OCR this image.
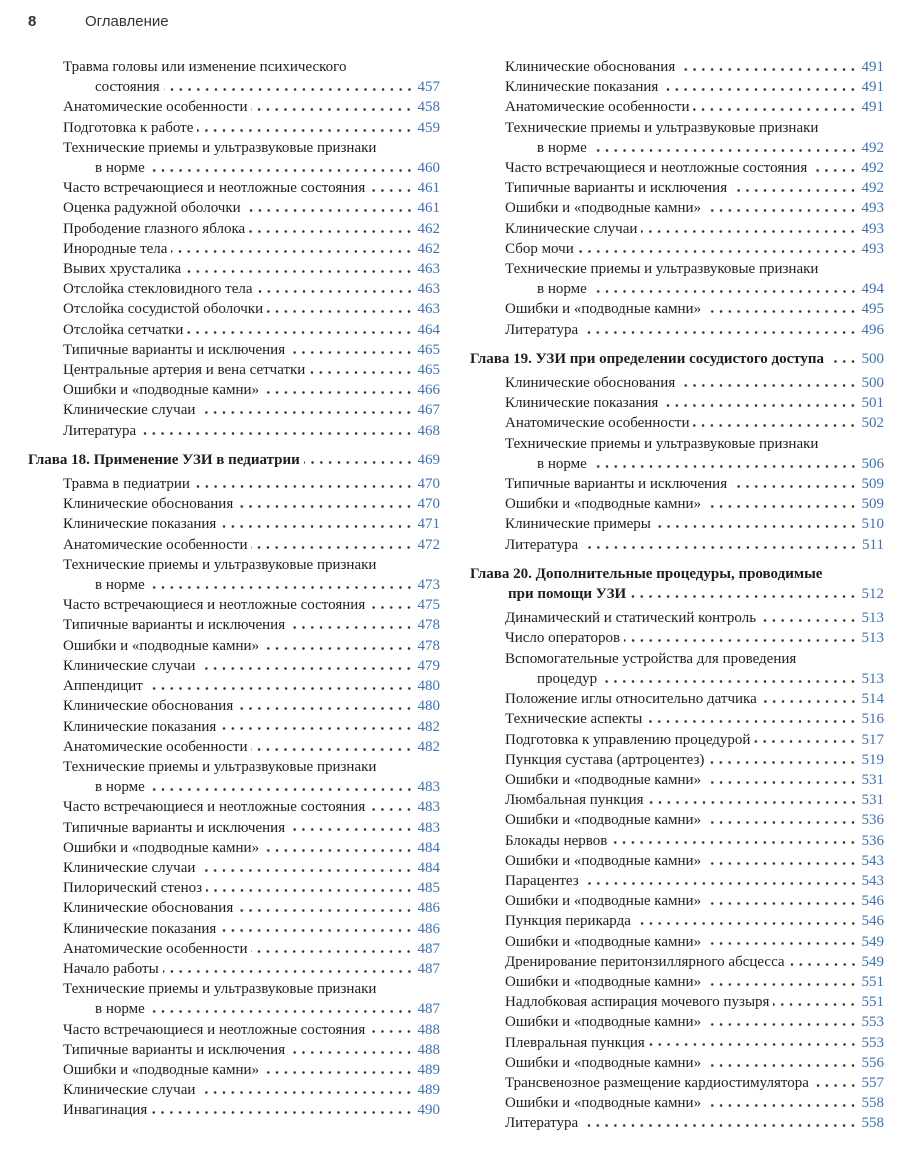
8	Оглавление
Травма головы или изменение психического
состояния	457
Анатомические особенности	458
Подготовка к работе	459
Технические приемы и ультразвуковые признаки
в норме	460
Часто встречающиеся и неотложные состояния	461
Оценка радужной оболочки	461
Прободение глазного яблока	462
Инородные тела	462
Вывих хрусталика	463
Отслойка стекловидного тела	463
Отслойка сосудистой оболочки	463
Отслойка сетчатки	464
Типичные варианты и исключения	465
Центральные артерия и вена сетчатки	465
Ошибки и «подводные камни»	466
Клинические случаи	467
Литература	468
Глава 18. Применение УЗИ в педиатрии	469
Травма в педиатрии	470
Клинические обоснования	470
Клинические показания	471
Анатомические особенности	472
Технические приемы и ультразвуковые признаки
в норме	473
Часто встречающиеся и неотложные состояния	475
Типичные варианты и исключения	478
Ошибки и «подводные камни»	478
Клинические случаи	479
Аппендицит	480
Клинические обоснования	480
Клинические показания	482
Анатомические особенности	482
Технические приемы и ультразвуковые признаки
в норме	483
Часто встречающиеся и неотложные состояния	483
Типичные варианты и исключения	483
Ошибки и «подводные камни»	484
Клинические случаи	484
Пилорический стеноз	485
Клинические обоснования	486
Клинические показания	486
Анатомические особенности	487
Начало работы	487
Технические приемы и ультразвуковые признаки
в норме	487
Часто встречающиеся и неотложные состояния	488
Типичные варианты и исключения	488
Ошибки и «подводные камни»	489
Клинические случаи	489
Инвагинация	490
Клинические обоснования	491
Клинические показания	491
Анатомические особенности	491
Технические приемы и ультразвуковые признаки
в норме	492
Часто встречающиеся и неотложные состояния	492
Типичные варианты и исключения	492
Ошибки и «подводные камни»	493
Клинические случаи	493
Сбор мочи	493
Технические приемы и ультразвуковые признаки
в норме	494
Ошибки и «подводные камни»	495
Литература	496
Глава 19. УЗИ при определении сосудистого доступа 500
Клинические обоснования	500
Клинические показания	501
Анатомические особенности	502
Технические приемы и ультразвуковые признаки
в норме	506
Типичные варианты и исключения	509
Ошибки и «подводные камни»	509
Клинические примеры	510
Литература	511
Глава 20. Дополнительные процедуры, проводимые
при помощи УЗИ	512
Динамический и статический контроль	513
Число операторов	513
Вспомогательные устройства для проведения
процедур	513
Положение иглы относительно датчика	514
Технические аспекты	516
Подготовка к управлению процедурой	517
Пункция сустава (артроцентез)	519
Ошибки и «подводные камни»	531
Люмбальная пункция	531
Ошибки и «подводные камни»	536
Блокады нервов	536
Ошибки и «подводные камни»	543
Парацентез	543
Ошибки и «подводные камни»	546
Пункция перикарда	546
Ошибки и «подводные камни»	549
Дренирование перитонзиллярного абсцесса	549
Ошибки и «подводные камни»	551
Надлобковая аспирация мочевого пузыря	551
Ошибки и «подводные камни»	553
Плевральная пункция	553
Ошибки и «подводные камни»	556
Трансвенозное размещение кардиостимулятора	557
Ошибки и «подводные камни»	558
Литература	558
